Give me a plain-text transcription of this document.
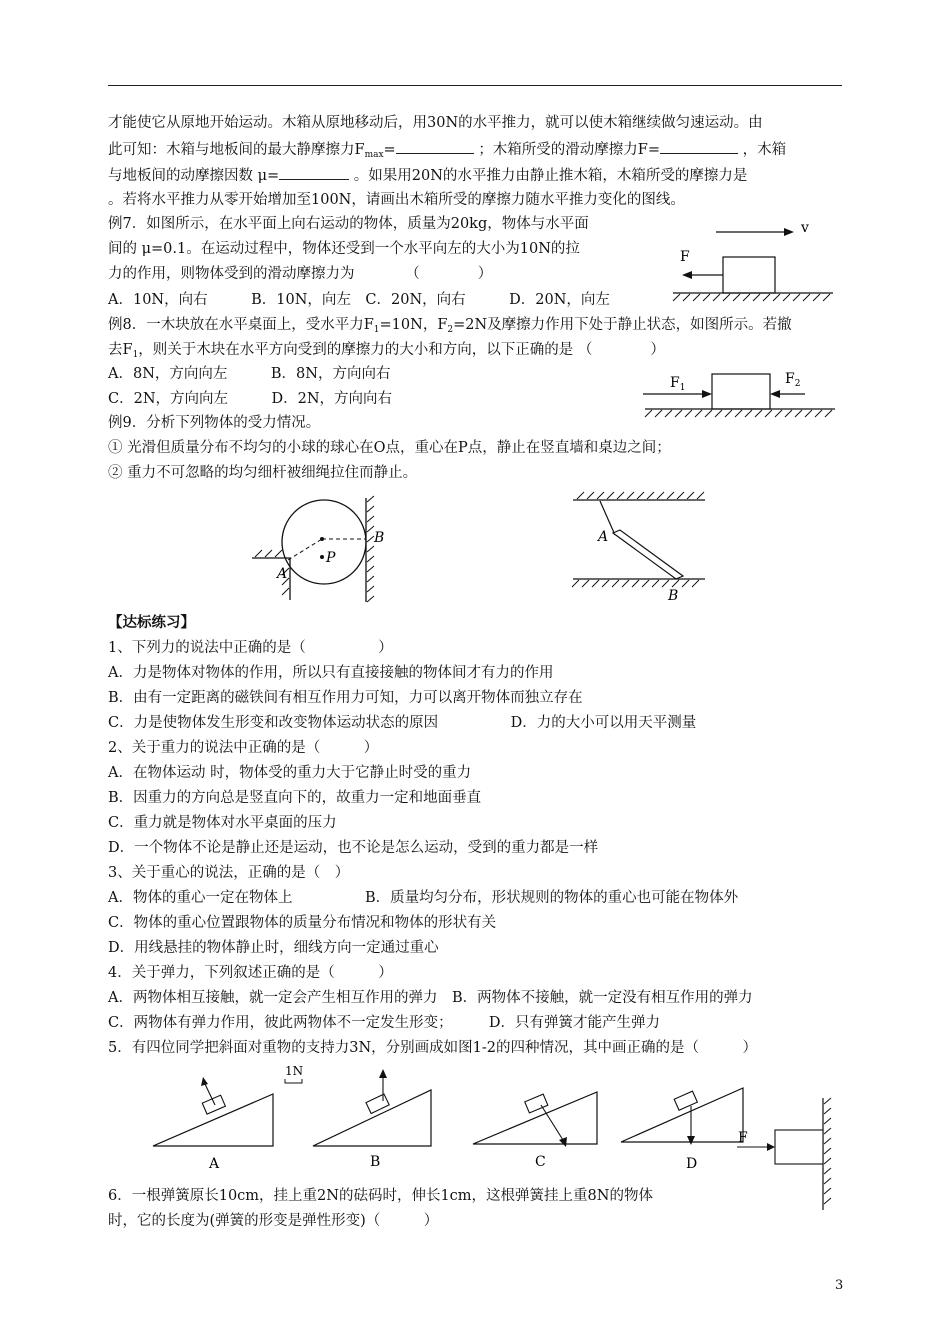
才能使它从原地开始运动。木箱从原地移动后，用30N的水平推力，就可以使木箱继续做匀速运动。由
此可知：木箱与地板间的最大静摩擦力$F_{max}=$	；木箱所受的滑动摩擦力F=	，木箱
与地板间的动摩擦因数 μ=	。如果用20N的水平推力由静止推木箱，木箱所受的摩擦力是
。若将水平推力从零开始增加至100N，请画出木箱所受的摩擦力随水平推力变化的图线。
例7．如图所示，在水平面上向右运动的物体，质量为20kg，物体与水平面
间的 μ=0.1。在运动过程中，物体还受到一个水平向左的大小为10N的拉
力的作用，则物体受到的滑动摩擦力为　　　　（　　　　）
A．10N，向右　　　B．10N，向左　C．20N，向右　　　D．20N，向左
v
F
例8．一木块放在水平桌面上，受水平力$F_1=10N$，$F_2=2N$及摩擦力作用下处于静止状态，如图所示。若撤
去$F_1$，则关于木块在水平方向受到的摩擦力的大小和方向，以下正确的是 （　　　　）
A．8N，方向向左　　　B．8N，方向向右
C．2N，方向向左　　　D．2N，方向向右
$F_1$
$F_2$
例9．分析下列物体的受力情况。
① 光滑但质量分布不均匀的小球的球心在O点，重心在P点，静止在竖直墙和桌边之间；
② 重力不可忽略的均匀细杆被细绳拉住而静止。
A
B
P
A
B
【达标练习】
1、下列力的说法中正确的是（　　　　　）
A．力是物体对物体的作用，所以只有直接接触的物体间才有力的作用
B．由有一定距离的磁铁间有相互作用力可知，力可以离开物体而独立存在
C．力是使物体发生形变和改变物体运动状态的原因　　　　　D．力的大小可以用天平测量
2、关于重力的说法中正确的是（　　　）
A．在物体运动 时，物体受的重力大于它静止时受的重力
B．因重力的方向总是竖直向下的，故重力一定和地面垂直
C．重力就是物体对水平桌面的压力
D．一个物体不论是静止还是运动，也不论是怎么运动，受到的重力都是一样
3、关于重心的说法，正确的是（　）
A．物体的重心一定在物体上　　　　　B．质量均匀分布，形状规则的物体的重心也可能在物体外
C．物体的重心位置跟物体的质量分布情况和物体的形状有关
D．用线悬挂的物体静止时，细线方向一定通过重心
4．关于弹力，下列叙述正确的是（　　　）
A．两物体相互接触，就一定会产生相互作用的弹力　B．两物体不接触，就一定没有相互作用的弹力
C．两物体有弹力作用，彼此两物体不一定发生形变；　　　D．只有弹簧才能产生弹力
5．有四位同学把斜面对重物的支持力3N，分别画成如图1-2的四种情况，其中画正确的是（　　　）
1N
A	B	C	D
F
6．一根弹簧原长10cm，挂上重2N的砝码时，伸长1cm，这根弹簧挂上重8N的物体
时，它的长度为(弹簧的形变是弹性形变)（　　　）
3
